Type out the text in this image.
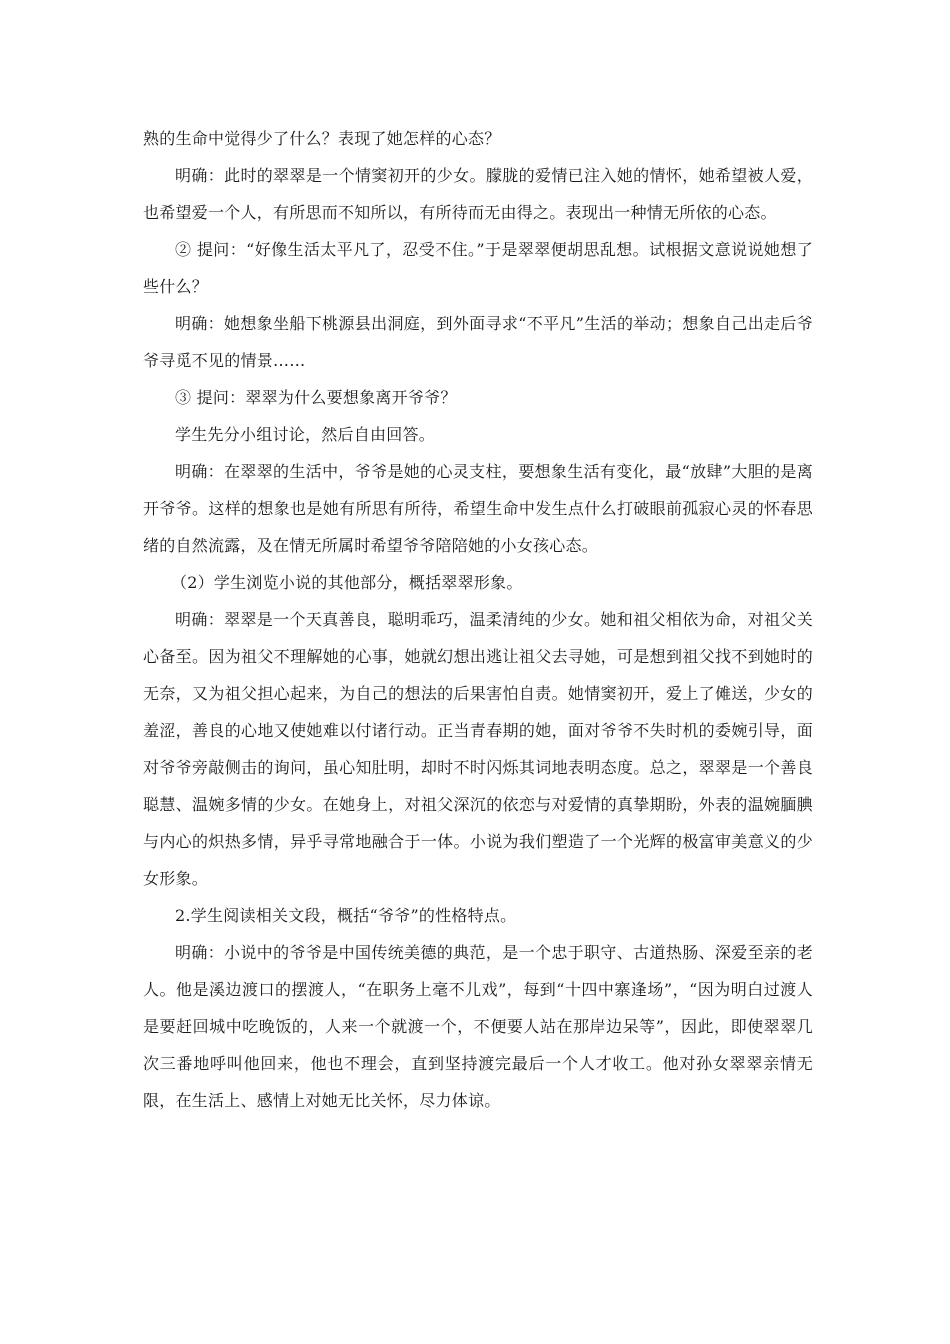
熟的生命中觉得少了什么？表现了她怎样的心态？

明确：此时的翠翠是一个情窦初开的少女。朦胧的爱情已注入她的情怀，她希望被人爱，也希望爱一个人，有所思而不知所以，有所待而无由得之。表现出一种情无所依的心态。

② 提问：“好像生活太平凡了，忍受不住。”于是翠翠便胡思乱想。试根据文意说说她想了些什么？

明确：她想象坐船下桃源县出洞庭，到外面寻求“不平凡”生活的举动；想象自己出走后爷爷寻觅不见的情景……

③ 提问：翠翠为什么要想象离开爷爷？

学生先分小组讨论，然后自由回答。

明确：在翠翠的生活中，爷爷是她的心灵支柱，要想象生活有变化，最“放肆”大胆的是离开爷爷。这样的想象也是她有所思有所待，希望生命中发生点什么打破眼前孤寂心灵的怀春思绪的自然流露，及在情无所属时希望爷爷陪陪她的小女孩心态。

（2）学生浏览小说的其他部分，概括翠翠形象。

明确：翠翠是一个天真善良，聪明乖巧，温柔清纯的少女。她和祖父相依为命，对祖父关心备至。因为祖父不理解她的心事，她就幻想出逃让祖父去寻她，可是想到祖父找不到她时的无奈，又为祖父担心起来，为自己的想法的后果害怕自责。她情窦初开，爱上了傩送，少女的羞涩，善良的心地又使她难以付诸行动。正当青春期的她，面对爷爷不失时机的委婉引导，面对爷爷旁敲侧击的询问，虽心知肚明，却时不时闪烁其词地表明态度。总之，翠翠是一个善良聪慧、温婉多情的少女。在她身上，对祖父深沉的依恋与对爱情的真挚期盼，外表的温婉腼腆与内心的炽热多情，异乎寻常地融合于一体。小说为我们塑造了一个光辉的极富审美意义的少女形象。

2.学生阅读相关文段，概括“爷爷”的性格特点。

明确：小说中的爷爷是中国传统美德的典范，是一个忠于职守、古道热肠、深爱至亲的老人。他是溪边渡口的摆渡人，“在职务上毫不儿戏”，每到“十四中寨逢场”，“因为明白过渡人是要赶回城中吃晚饭的，人来一个就渡一个，不便要人站在那岸边呆等”，因此，即使翠翠几次三番地呼叫他回来，他也不理会，直到坚持渡完最后一个人才收工。他对孙女翠翠亲情无限，在生活上、感情上对她无比关怀，尽力体谅。
